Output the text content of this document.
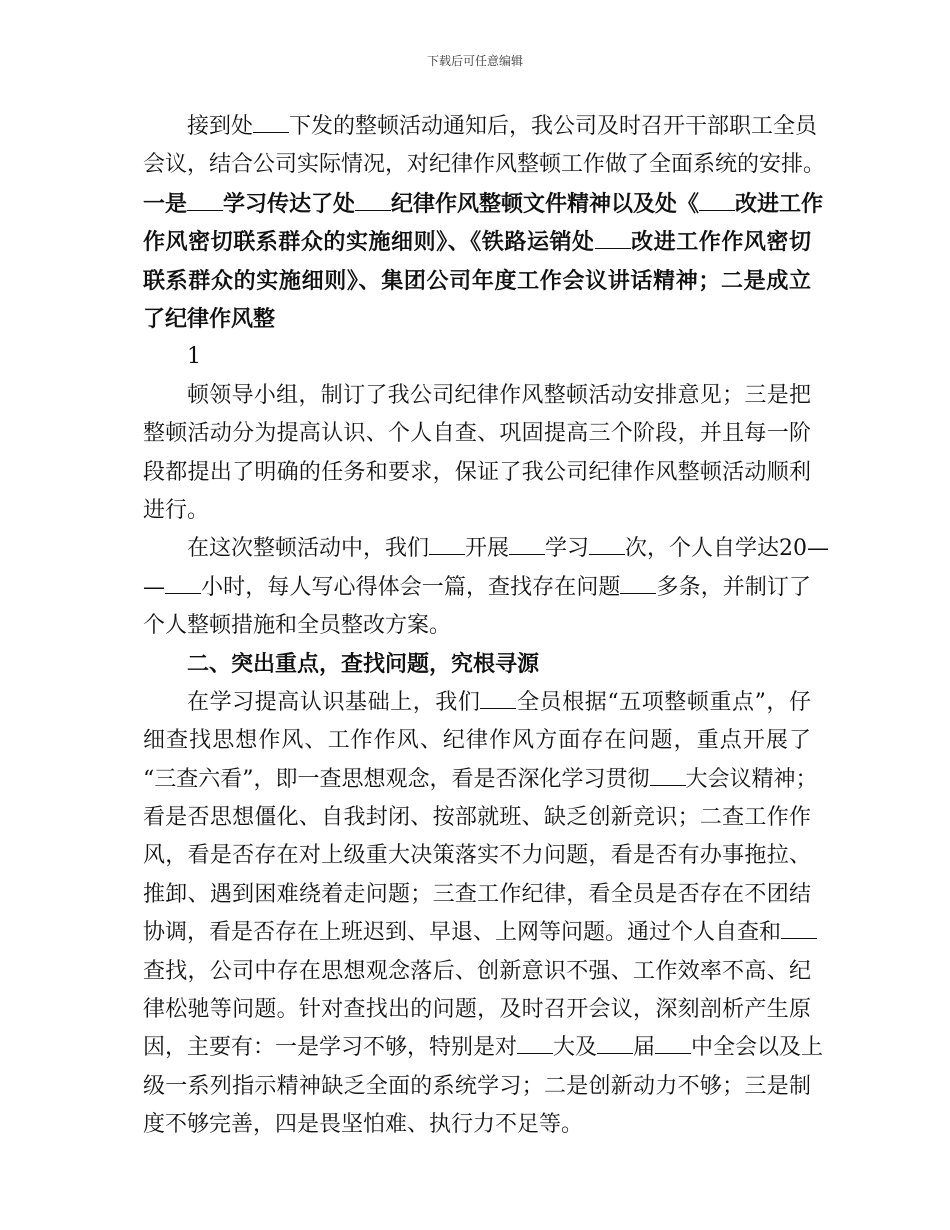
下载后可任意编辑
接到处 下发的整顿活动通知后，我公司及时召开干部职工全员
会议，结合公司实际情况，对纪律作风整顿工作做了全面系统的安排。
一是 学习传达了处 纪律作风整顿文件精神以及处《 改进工作
作风密切联系群众的实施细则》、《铁路运销处 改进工作作风密切
联系群众的实施细则》、集团公司年度工作会议讲话精神；二是成立
了纪律作风整
1
顿领导小组，制订了我公司纪律作风整顿活动安排意见；三是把
整顿活动分为提高认识、个人自查、巩固提高三个阶段，并且每一阶
段都提出了明确的任务和要求，保证了我公司纪律作风整顿活动顺利
进行。
在这次整顿活动中，我们 开展 学习 次，个人自学达20—
— 小时，每人写心得体会一篇，查找存在问题 多条，并制订了
个人整顿措施和全员整改方案。
二、突出重点，查找问题，究根寻源
在学习提高认识基础上，我们 全员根据“五项整顿重点”，仔
细查找思想作风、工作作风、纪律作风方面存在问题，重点开展了
“三查六看”，即一查思想观念，看是否深化学习贯彻 大会议精神；
看是否思想僵化、自我封闭、按部就班、缺乏创新竞识；二查工作作
风，看是否存在对上级重大决策落实不力问题，看是否有办事拖拉、
推卸、遇到困难绕着走问题；三查工作纪律，看全员是否存在不团结
协调，看是否存在上班迟到、早退、上网等问题。通过个人自查和
查找，公司中存在思想观念落后、创新意识不强、工作效率不高、纪
律松驰等问题。针对查找出的问题，及时召开会议，深刻剖析产生原
因，主要有：一是学习不够，特别是对 大及 届 中全会以及上
级一系列指示精神缺乏全面的系统学习；二是创新动力不够；三是制
度不够完善，四是畏坚怕难、执行力不足等。
